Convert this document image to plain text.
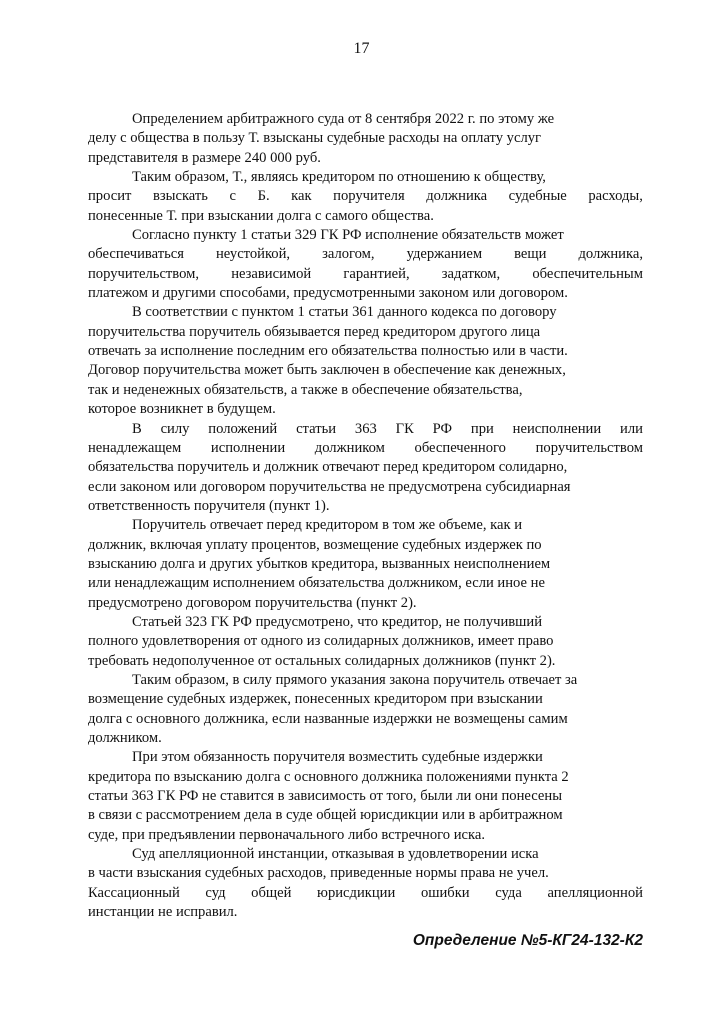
17
Определением арбитражного суда от 8 сентября 2022 г. по этому же
делу с общества в пользу Т. взысканы судебные расходы на оплату услуг
представителя в размере 240 000 руб.
Таким образом, Т., являясь кредитором по отношению к обществу,
просит взыскать с Б. как поручителя должника судебные расходы,
понесенные Т. при взыскании долга с самого общества.
Согласно пункту 1 статьи 329 ГК РФ исполнение обязательств может
обеспечиваться неустойкой, залогом, удержанием вещи должника,
поручительством, независимой гарантией, задатком, обеспечительным
платежом и другими способами, предусмотренными законом или договором.
В соответствии с пунктом 1 статьи 361 данного кодекса по договору
поручительства поручитель обязывается перед кредитором другого лица
отвечать за исполнение последним его обязательства полностью или в части.
Договор поручительства может быть заключен в обеспечение как денежных,
так и неденежных обязательств, а также в обеспечение обязательства,
которое возникнет в будущем.
В силу положений статьи 363 ГК РФ при неисполнении или
ненадлежащем исполнении должником обеспеченного поручительством
обязательства поручитель и должник отвечают перед кредитором солидарно,
если законом или договором поручительства не предусмотрена субсидиарная
ответственность поручителя (пункт 1).
Поручитель отвечает перед кредитором в том же объеме, как и
должник, включая уплату процентов, возмещение судебных издержек по
взысканию долга и других убытков кредитора, вызванных неисполнением
или ненадлежащим исполнением обязательства должником, если иное не
предусмотрено договором поручительства (пункт 2).
Статьей 323 ГК РФ предусмотрено, что кредитор, не получивший
полного удовлетворения от одного из солидарных должников, имеет право
требовать недополученное от остальных солидарных должников (пункт 2).
Таким образом, в силу прямого указания закона поручитель отвечает за
возмещение судебных издержек, понесенных кредитором при взыскании
долга с основного должника, если названные издержки не возмещены самим
должником.
При этом обязанность поручителя возместить судебные издержки
кредитора по взысканию долга с основного должника положениями пункта 2
статьи 363 ГК РФ не ставится в зависимость от того, были ли они понесены
в связи с рассмотрением дела в суде общей юрисдикции или в арбитражном
суде, при предъявлении первоначального либо встречного иска.
Суд апелляционной инстанции, отказывая в удовлетворении иска
в части взыскания судебных расходов, приведенные нормы права не учел.
Кассационный суд общей юрисдикции ошибки суда апелляционной
инстанции не исправил.
Определение №5-КГ24-132-К2
